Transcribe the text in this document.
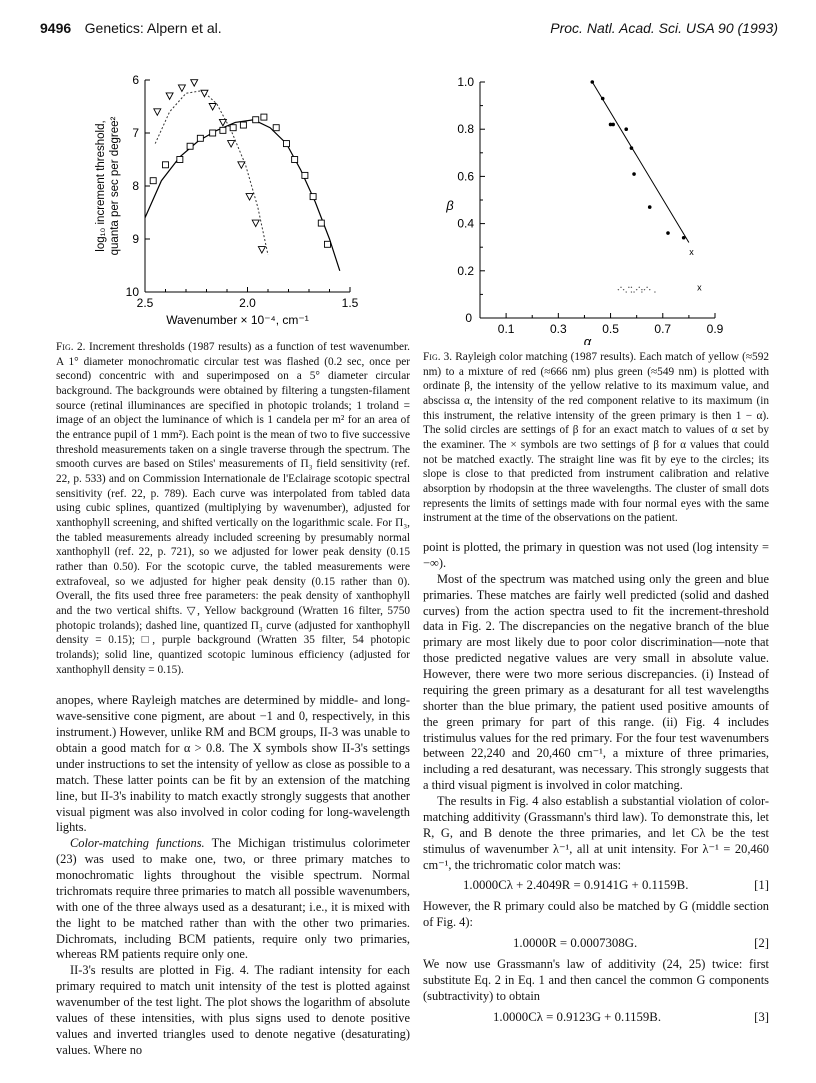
9496 Genetics: Alpern et al.	Proc. Natl. Acad. Sci. USA 90 (1993)
6
7
8
9
10
2.5	2.0	1.5
Wavenumber × 10⁻⁴, cm⁻¹
log₁₀ increment threshold, quanta per sec per degree²
0
0.2
0.4
0.6
0.8
1.0
0.1	0.3	0.5	0.7	0.9
α
β
x
x

Fig. 2. Increment thresholds (1987 results) as a function of test wavenumber. A 1° diameter monochromatic circular test was flashed (0.2 sec, once per second) concentric with and superimposed on a 5° diameter circular background. The backgrounds were obtained by filtering a tungsten-filament source (retinal illuminances are specified in photopic trolands; 1 troland = image of an object the luminance of which is 1 candela per m² for an area of the entrance pupil of 1 mm²). Each point is the mean of two to five successive threshold measurements taken on a single traverse through the spectrum. The smooth curves are based on Stiles' measurements of Π₃ field sensitivity (ref. 22, p. 533) and on Commission Internationale de l'Eclairage scotopic spectral sensitivity (ref. 22, p. 789). Each curve was interpolated from tabled data using cubic splines, quantized (multiplying by wavenumber), adjusted for xanthophyll screening, and shifted vertically on the logarithmic scale. For Π₃, the tabled measurements already included screening by presumably normal xanthophyll (ref. 22, p. 721), so we adjusted for lower peak density (0.15 rather than 0.50). For the scotopic curve, the tabled measurements were extrafoveal, so we adjusted for higher peak density (0.15 rather than 0). Overall, the fits used three free parameters: the peak density of xanthophyll and the two vertical shifts. ▽, Yellow background (Wratten 16 filter, 5750 photopic trolands); dashed line, quantized Π₃ curve (adjusted for xanthophyll density = 0.15); □, purple background (Wratten 35 filter, 54 photopic trolands); solid line, quantized scotopic luminous efficiency (adjusted for xanthophyll density = 0.15).

anopes, where Rayleigh matches are determined by middle- and long-wave-sensitive cone pigment, are about −1 and 0, respectively, in this instrument.) However, unlike RM and BCM groups, II-3 was unable to obtain a good match for α > 0.8. The X symbols show II-3's settings under instructions to set the intensity of yellow as close as possible to a match. These latter points can be fit by an extension of the matching line, but II-3's inability to match exactly strongly suggests that another visual pigment was also involved in color coding for long-wavelength lights.

Color-matching functions. The Michigan tristimulus colorimeter (23) was used to make one, two, or three primary matches to monochromatic lights throughout the visible spectrum. Normal trichromats require three primaries to match all possible wavenumbers, with one of the three always used as a desaturant; i.e., it is mixed with the light to be matched rather than with the other two primaries. Dichromats, including BCM patients, require only two primaries, whereas RM patients require only one.

II-3's results are plotted in Fig. 4. The radiant intensity for each primary required to match unit intensity of the test is plotted against wavenumber of the test light. The plot shows the logarithm of absolute values of these intensities, with plus signs used to denote positive values and inverted triangles used to denote negative (desaturating) values. Where no

Fig. 3. Rayleigh color matching (1987 results). Each match of yellow (≈592 nm) to a mixture of red (≈666 nm) plus green (≈549 nm) is plotted with ordinate β, the intensity of the yellow relative to its maximum value, and abscissa α, the intensity of the red component relative to its maximum (in this instrument, the relative intensity of the green primary is then 1 − α). The solid circles are settings of β for an exact match to values of α set by the examiner. The × symbols are two settings of β for α values that could not be matched exactly. The straight line was fit by eye to the circles; its slope is close to that predicted from instrument calibration and relative absorption by rhodopsin at the three wavelengths. The cluster of small dots represents the limits of settings made with four normal eyes with the same instrument at the time of the observations on the patient.

point is plotted, the primary in question was not used (log intensity = −∞).

Most of the spectrum was matched using only the green and blue primaries. These matches are fairly well predicted (solid and dashed curves) from the action spectra used to fit the increment-threshold data in Fig. 2. The discrepancies on the negative branch of the blue primary are most likely due to poor color discrimination—note that those predicted negative values are very small in absolute value. However, there were two more serious discrepancies. (i) Instead of requiring the green primary as a desaturant for all test wavelengths shorter than the blue primary, the patient used positive amounts of the green primary for part of this range. (ii) Fig. 4 includes tristimulus values for the red primary. For the four test wavenumbers between 22,240 and 20,460 cm⁻¹, a mixture of three primaries, including a red desaturant, was necessary. This strongly suggests that a third visual pigment is involved in color matching.

The results in Fig. 4 also establish a substantial violation of color-matching additivity (Grassmann's third law). To demonstrate this, let R, G, and B denote the three primaries, and let Cλ be the test stimulus of wavenumber λ⁻¹, all at unit intensity. For λ⁻¹ = 20,460 cm⁻¹, the trichromatic color match was:

1.0000Cλ + 2.4049R = 0.9141G + 0.1159B.	[1]

However, the R primary could also be matched by G (middle section of Fig. 4):

1.0000R = 0.0007308G.	[2]

We now use Grassmann's law of additivity (24, 25) twice: first substitute Eq. 2 in Eq. 1 and then cancel the common G components (subtractivity) to obtain

1.0000Cλ = 0.9123G + 0.1159B.	[3]
